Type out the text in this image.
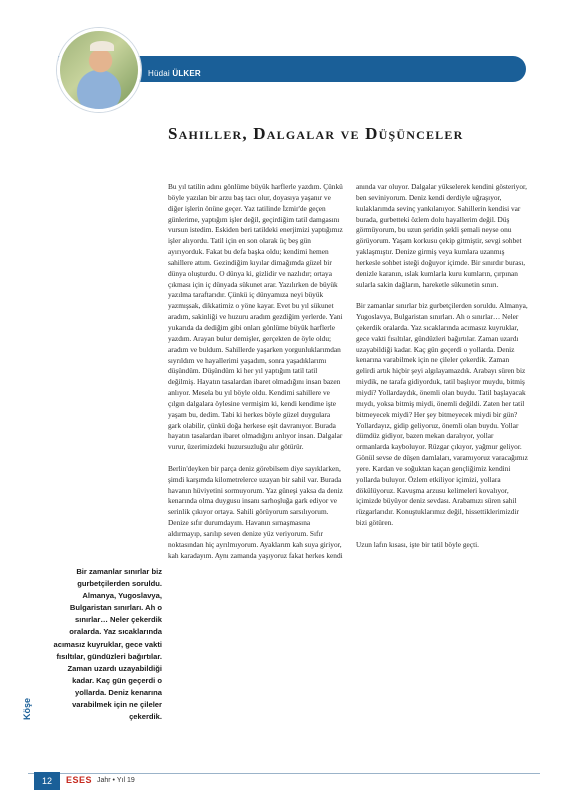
Hüdai ÜLKER
Sahiller, Dalgalar ve Düşünceler

Bu yıl tatilin adını gönlüme büyük harflerle yazdım. Çünkü böyle yazılan bir arzu baş tacı olur, doyasıya yaşanır ve diğer işlerin önüne geçer. Yaz tatilinde İzmir'de geçen günlerime, yaptığım işler değil, geçirdiğim tatil damgasını vursun istedim. Eskiden beri tatildeki enerjimizi yaptığımız işler alıyordu. Tatil için en son olarak üç beş gün ayırıyorduk. Fakat bu defa başka oldu; kendimi hemen sahillere attım. Gezindiğim kıyılar dimağımda güzel bir dünya oluşturdu. O dünya ki, gizlidir ve nazlıdır; ortaya çıkması için iç dünyada sükunet arar. Yazılırken de büyük yazılma taraftarıdır. Çünkü iç dünyamıza neyi büyük yazmışsak, dikkatimiz o yöne kayar. Evet bu yıl sükunet aradım, sakinliği ve huzuru aradım gezdiğim yerlerde. Yani yukarıda da dediğim gibi onları gönlüme büyük harflerle yazdım. Arayan bulur demişler, gerçekten de öyle oldu; aradım ve buldum. Sahillerde yaşarken yorgunluklarımdan sıyrıldım ve hayallerimi yaşadım, sonra yaşadıklarımı düşündüm. Düşündüm ki her yıl yaptığım tatil tatil değilmiş. Hayatın tasalardan ibaret olmadığını insan bazen anlıyor. Mesela bu yıl böyle oldu. Kendimi sahillere ve çılgın dalgalara öylesine vermişim ki, kendi kendime işte yaşam bu, dedim. Tabi ki herkes böyle güzel duygulara gark olabilir, çünkü doğa herkese eşit davranıyor. Burada hayatın tasalardan ibaret olmadığını anlıyor insan. Dalgalar vurur, üzerimizdeki huzursuzluğu alır götürür.

Berlin'deyken bir parça deniz görebilsem diye sayıklarken, şimdi karşımda kilometrelerce uzayan bir sahil var. Burada havanın hüviyetini sormuyorum. Yaz güneşi yaksa da deniz kenarında olma duygusu insanı sarhoşluğa gark ediyor ve serinlik çıkıyor ortaya. Sahili görüyorum sarsılıyorum. Denize sıfır durumdayım. Havanın sırnaşmasına aldırmayıp, sarılıp seven denize yüz veriyorum. Sıfır noktasından hiç ayrılmıyorum. Ayaklarım kah suya giriyor, kah karadayım. Aynı zamanda yaşıyoruz fakat herkes kendi

anında var oluyor. Dalgalar yükselerek kendini gösteriyor, ben seviniyorum. Deniz kendi derdiyle uğraşıyor, kulaklarımda sevinç yankılanıyor. Sahillerin kendisi var burada, gurbetteki özlem dolu hayallerim değil. Düş görmüyorum, bu uzun şeridin şekli şemali neyse onu görüyorum. Yaşam korkusu çekip gitmiştir, sevgi sohbet yaklaşmıştır. Denize girmiş veya kumlara uzanmış herkesle sohbet isteği doğuyor içimde. Bir sınırdır burası, denizle karanın, ıslak kumlarla kuru kumların, çırpınan sularla sakin dağların, hareketle sükunetin sınırı.

Bir zamanlar sınırlar biz gurbetçilerden soruldu. Almanya, Yugoslavya, Bulgaristan sınırları. Ah o sınırlar… Neler çekerdik oralarda. Yaz sıcaklarında acımasız kuyruklar, gece vakti fısıltılar, gündüzleri bağırtılar. Zaman uzardı uzayabildiği kadar. Kaç gün geçerdi o yollarda. Deniz kenarına varabilmek için ne çileler çekerdik. Zaman gelirdi artık hiçbir şeyi algılayamazdık. Arabayı süren biz miydik, ne tarafa gidiyorduk, tatil başlıyor muydu, bitmiş miydi? Yollardaydık, önemli olan buydu. Tatil başlayacak mıydı, yoksa bitmiş miydi, önemli değildi. Zaten her tatil bitmeyecek miydi? Her şey bitmeyecek miydi bir gün? Yollardayız, gidip geliyoruz, önemli olan buydu. Yollar dümdüz gidiyor, bazen mekan daralıyor, yollar ormanlarda kayboluyor. Rüzgar çıkıyor, yağmur geliyor. Gönül sevse de düşen damlaları, varamıyoruz varacağımız yere. Kardan ve soğuktan kaçan gençliğimiz kendini yollarda buluyor. Özlem etkiliyor içimizi, yollara dökülüyoruz. Kavuşma arzusu kelimeleri kovalıyor, içimizde büyüyor deniz sevdası. Arabamızı süren sahil rüzgarlarıdır. Konuştuklarımız değil, hissettiklerimizdir bizi götüren.

Uzun lafın kısası, işte bir tatil böyle geçti.

Bir zamanlar sınırlar biz gurbetçilerden soruldu. Almanya, Yugoslavya, Bulgaristan sınırları. Ah o sınırlar… Neler çekerdik oralarda. Yaz sıcaklarında acımasız kuyruklar, gece vakti fısıltılar, gündüzleri bağırtılar. Zaman uzardı uzayabildiği kadar. Kaç gün geçerdi o yollarda. Deniz kenarına varabilmek için ne çileler çekerdik.
Köşe
12	ESES Jahr • Yıl 19
